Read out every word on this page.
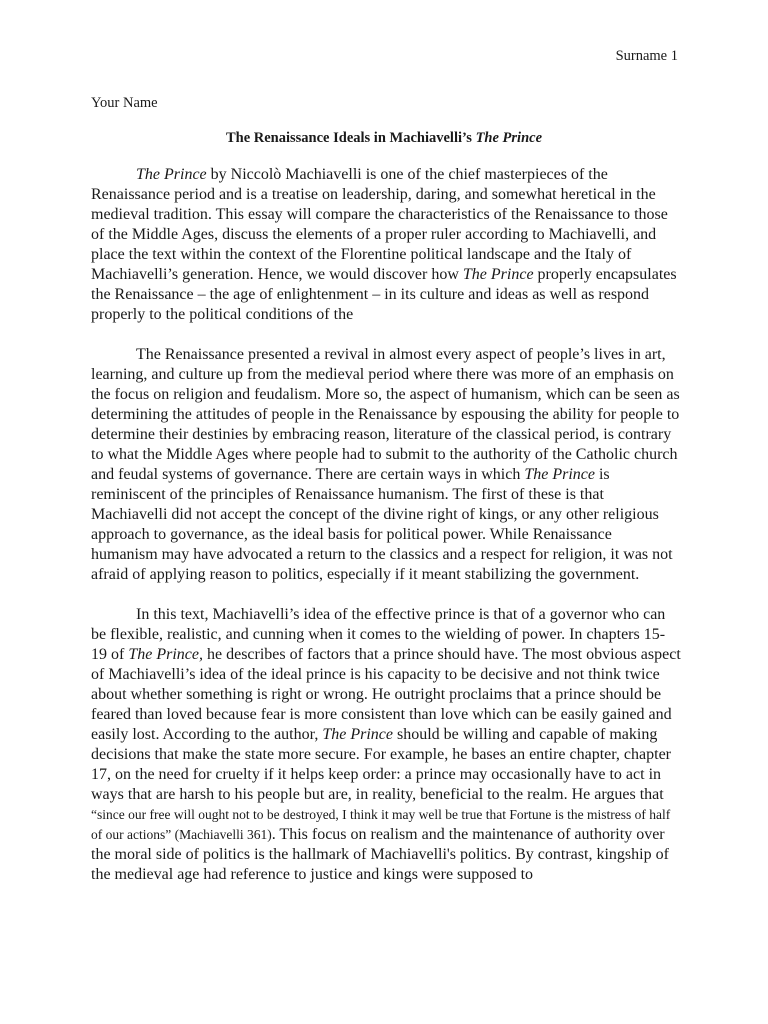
Surname 1
Your Name
The Renaissance Ideals in Machiavelli’s The Prince

The Prince by Niccolò Machiavelli is one of the chief masterpieces of the Renaissance period and is a treatise on leadership, daring, and somewhat heretical in the medieval tradition. This essay will compare the characteristics of the Renaissance to those of the Middle Ages, discuss the elements of a proper ruler according to Machiavelli, and place the text within the context of the Florentine political landscape and the Italy of Machiavelli’s generation. Hence, we would discover how The Prince properly encapsulates the Renaissance – the age of enlightenment – in its culture and ideas as well as respond properly to the political conditions of the

The Renaissance presented a revival in almost every aspect of people’s lives in art, learning, and culture up from the medieval period where there was more of an emphasis on the focus on religion and feudalism. More so, the aspect of humanism, which can be seen as determining the attitudes of people in the Renaissance by espousing the ability for people to determine their destinies by embracing reason, literature of the classical period, is contrary to what the Middle Ages where people had to submit to the authority of the Catholic church and feudal systems of governance. There are certain ways in which The Prince is reminiscent of the principles of Renaissance humanism. The first of these is that Machiavelli did not accept the concept of the divine right of kings, or any other religious approach to governance, as the ideal basis for political power. While Renaissance humanism may have advocated a return to the classics and a respect for religion, it was not afraid of applying reason to politics, especially if it meant stabilizing the government.

In this text, Machiavelli’s idea of the effective prince is that of a governor who can be flexible, realistic, and cunning when it comes to the wielding of power. In chapters 15-19 of The Prince, he describes of factors that a prince should have. The most obvious aspect of Machiavelli’s idea of the ideal prince is his capacity to be decisive and not think twice about whether something is right or wrong. He outright proclaims that a prince should be feared than loved because fear is more consistent than love which can be easily gained and easily lost. According to the author, The Prince should be willing and capable of making decisions that make the state more secure. For example, he bases an entire chapter, chapter 17, on the need for cruelty if it helps keep order: a prince may occasionally have to act in ways that are harsh to his people but are, in reality, beneficial to the realm. He argues that “since our free will ought not to be destroyed, I think it may well be true that Fortune is the mistress of half of our actions” (Machiavelli 361). This focus on realism and the maintenance of authority over the moral side of politics is the hallmark of Machiavelli's politics. By contrast, kingship of the medieval age had reference to justice and kings were supposed to
